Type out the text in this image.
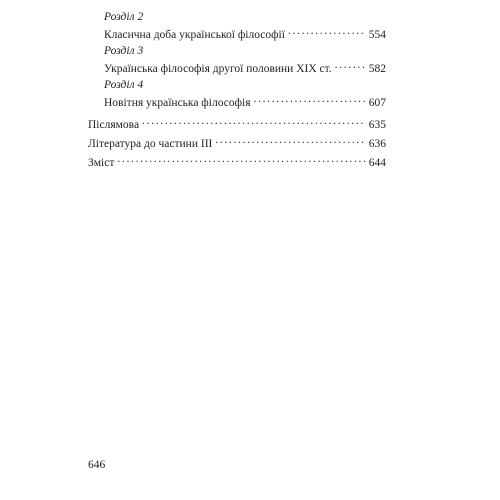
Розділ 2
Класична доба української філософії . . .	554
Розділ 3
Українська філософія другої половини XIX ст. . . .	582
Розділ 4
Новітня українська філософія . . .	607
Післямова . . .	635
Література до частини III . . .	636
Зміст . . .	644
646
